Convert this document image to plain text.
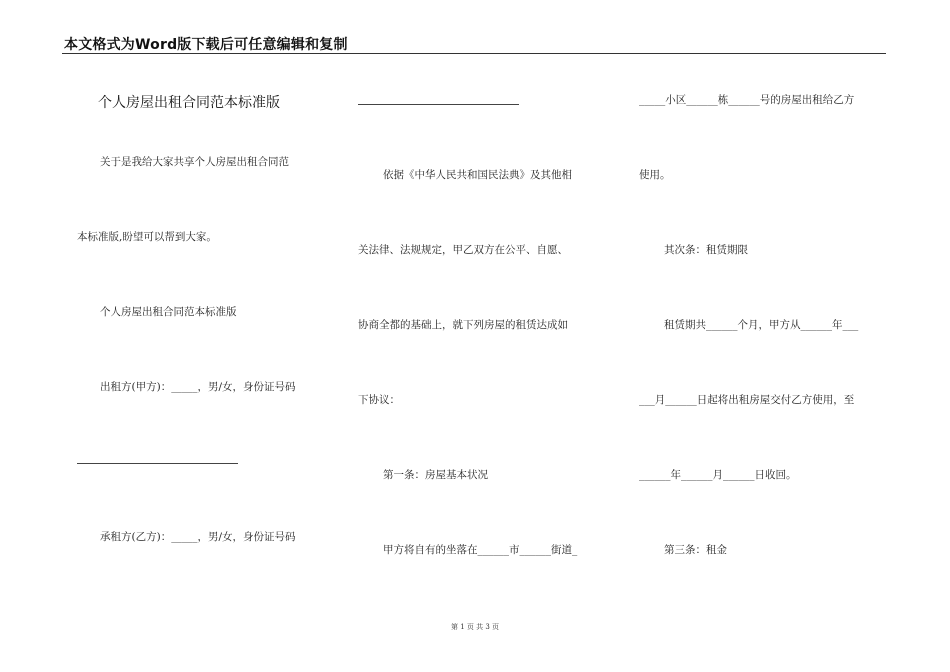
本文格式为Word版下载后可任意编辑和复制
个人房屋出租合同范本标准版
关于是我给大家共享个人房屋出租合同范
本标准版,盼望可以帮到大家。
个人房屋出租合同范本标准版
出租方(甲方)：_____，男/女，身份证号码
承租方(乙方)：_____，男/女，身份证号码
依据《中华人民共和国民法典》及其他相
关法律、法规规定，甲乙双方在公平、自愿、
协商全都的基础上，就下列房屋的租赁达成如
下协议：
第一条：房屋基本状况
甲方将自有的坐落在______市______街道_
_____小区______栋______号的房屋出租给乙方
使用。
其次条：租赁期限
租赁期共______个月，甲方从______年___
___月______日起将出租房屋交付乙方使用，至
______年______月______日收回。
第三条：租金
第 1 页 共 3 页
